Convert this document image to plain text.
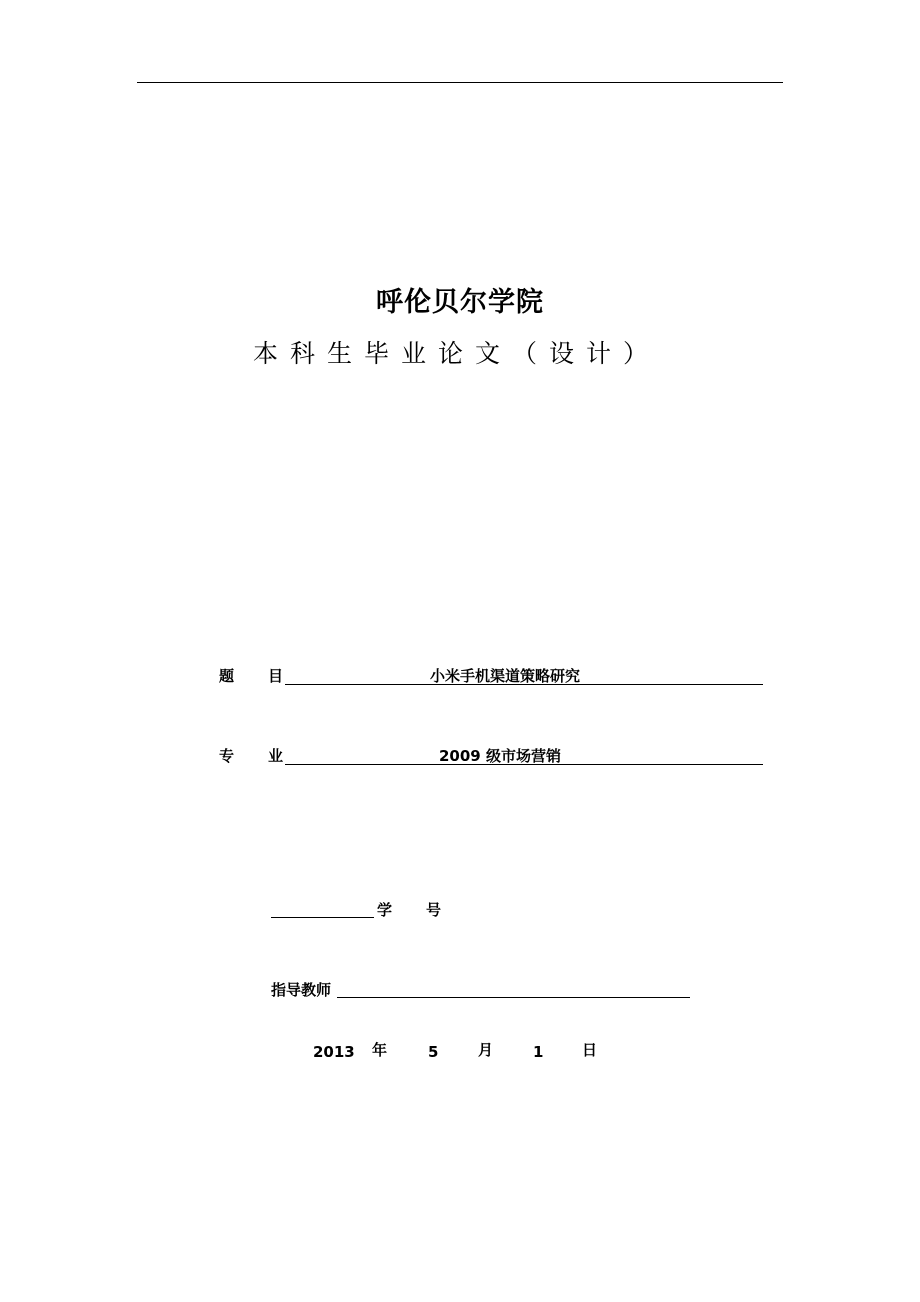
呼伦贝尔学院
本科生毕业论文（设计）
题 目	小米手机渠道策略研究
专 业	2009 级市场营销
学 号
指导教师
2013 年	5	月	1	日
